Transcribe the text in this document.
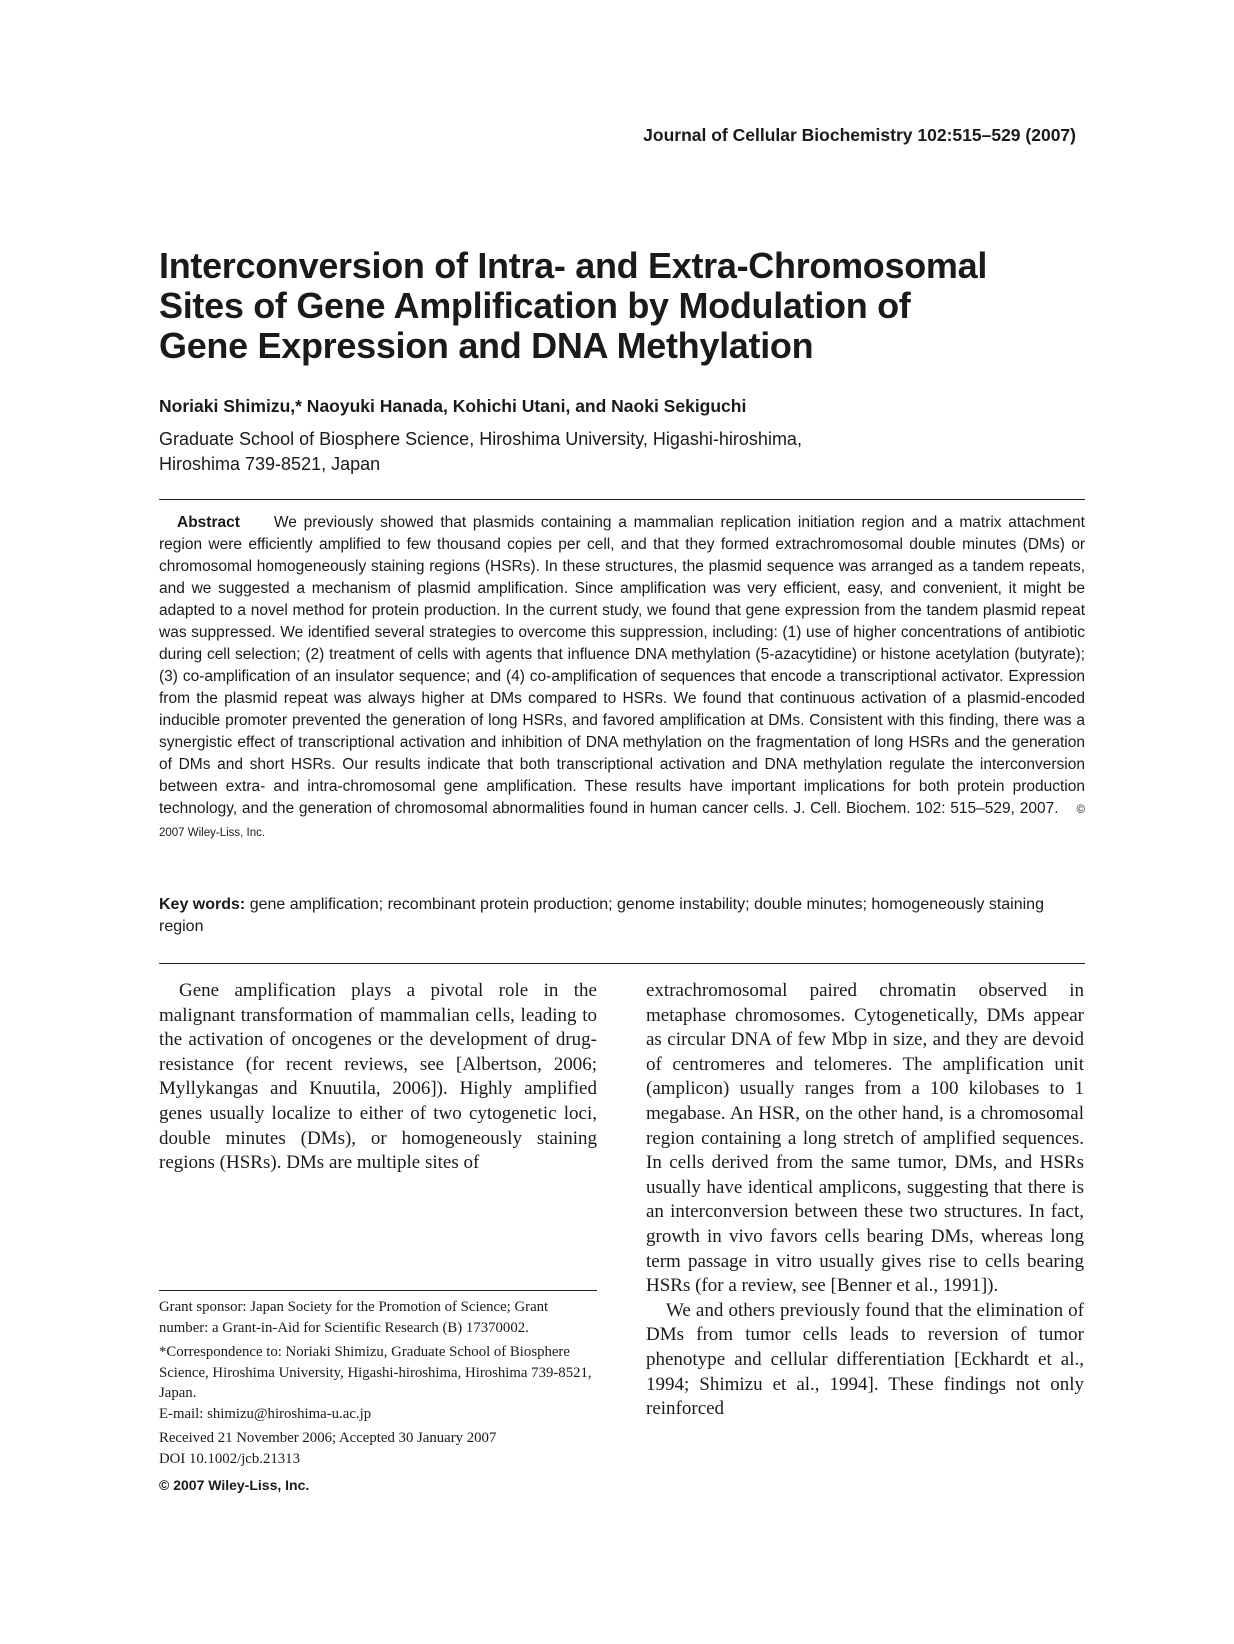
Journal of Cellular Biochemistry 102:515–529 (2007)
Interconversion of Intra- and Extra-Chromosomal
Sites of Gene Amplification by Modulation of
Gene Expression and DNA Methylation
Noriaki Shimizu,* Naoyuki Hanada, Kohichi Utani, and Naoki Sekiguchi
Graduate School of Biosphere Science, Hiroshima University, Higashi-hiroshima,
Hiroshima 739-8521, Japan

Abstract We previously showed that plasmids containing a mammalian replication initiation region and a matrix attachment region were efficiently amplified to few thousand copies per cell, and that they formed extrachromosomal double minutes (DMs) or chromosomal homogeneously staining regions (HSRs). In these structures, the plasmid sequence was arranged as a tandem repeats, and we suggested a mechanism of plasmid amplification. Since amplification was very efficient, easy, and convenient, it might be adapted to a novel method for protein production. In the current study, we found that gene expression from the tandem plasmid repeat was suppressed. We identified several strategies to overcome this suppression, including: (1) use of higher concentrations of antibiotic during cell selection; (2) treatment of cells with agents that influence DNA methylation (5-azacytidine) or histone acetylation (butyrate); (3) co-amplification of an insulator sequence; and (4) co-amplification of sequences that encode a transcriptional activator. Expression from the plasmid repeat was always higher at DMs compared to HSRs. We found that continuous activation of a plasmid-encoded inducible promoter prevented the generation of long HSRs, and favored amplification at DMs. Consistent with this finding, there was a synergistic effect of transcriptional activation and inhibition of DNA methylation on the fragmentation of long HSRs and the generation of DMs and short HSRs. Our results indicate that both transcriptional activation and DNA methylation regulate the interconversion between extra- and intra-chromosomal gene amplification. These results have important implications for both protein production technology, and the generation of chromosomal abnormalities found in human cancer cells. J. Cell. Biochem. 102: 515–529, 2007. © 2007 Wiley-Liss, Inc.

Key words: gene amplification; recombinant protein production; genome instability; double minutes; homogeneously staining region

Gene amplification plays a pivotal role in the malignant transformation of mammalian cells, leading to the activation of oncogenes or the development of drug-resistance (for recent reviews, see [Albertson, 2006; Myllykangas and Knuutila, 2006]). Highly amplified genes usually localize to either of two cytogenetic loci, double minutes (DMs), or homogeneously staining regions (HSRs). DMs are multiple sites of

extrachromosomal paired chromatin observed in metaphase chromosomes. Cytogenetically, DMs appear as circular DNA of few Mbp in size, and they are devoid of centromeres and telomeres. The amplification unit (amplicon) usually ranges from a 100 kilobases to 1 megabase. An HSR, on the other hand, is a chromosomal region containing a long stretch of amplified sequences. In cells derived from the same tumor, DMs, and HSRs usually have identical amplicons, suggesting that there is an interconversion between these two structures. In fact, growth in vivo favors cells bearing DMs, whereas long term passage in vitro usually gives rise to cells bearing HSRs (for a review, see [Benner et al., 1991]).

We and others previously found that the elimination of DMs from tumor cells leads to reversion of tumor phenotype and cellular differentiation [Eckhardt et al., 1994; Shimizu et al., 1994]. These findings not only reinforced

Grant sponsor: Japan Society for the Promotion of Science; Grant number: a Grant-in-Aid for Scientific Research (B) 17370002.

*Correspondence to: Noriaki Shimizu, Graduate School of Biosphere Science, Hiroshima University, Higashi-hiroshima, Hiroshima 739-8521, Japan.
E-mail: shimizu@hiroshima-u.ac.jp

Received 21 November 2006; Accepted 30 January 2007
DOI 10.1002/jcb.21313

© 2007 Wiley-Liss, Inc.
